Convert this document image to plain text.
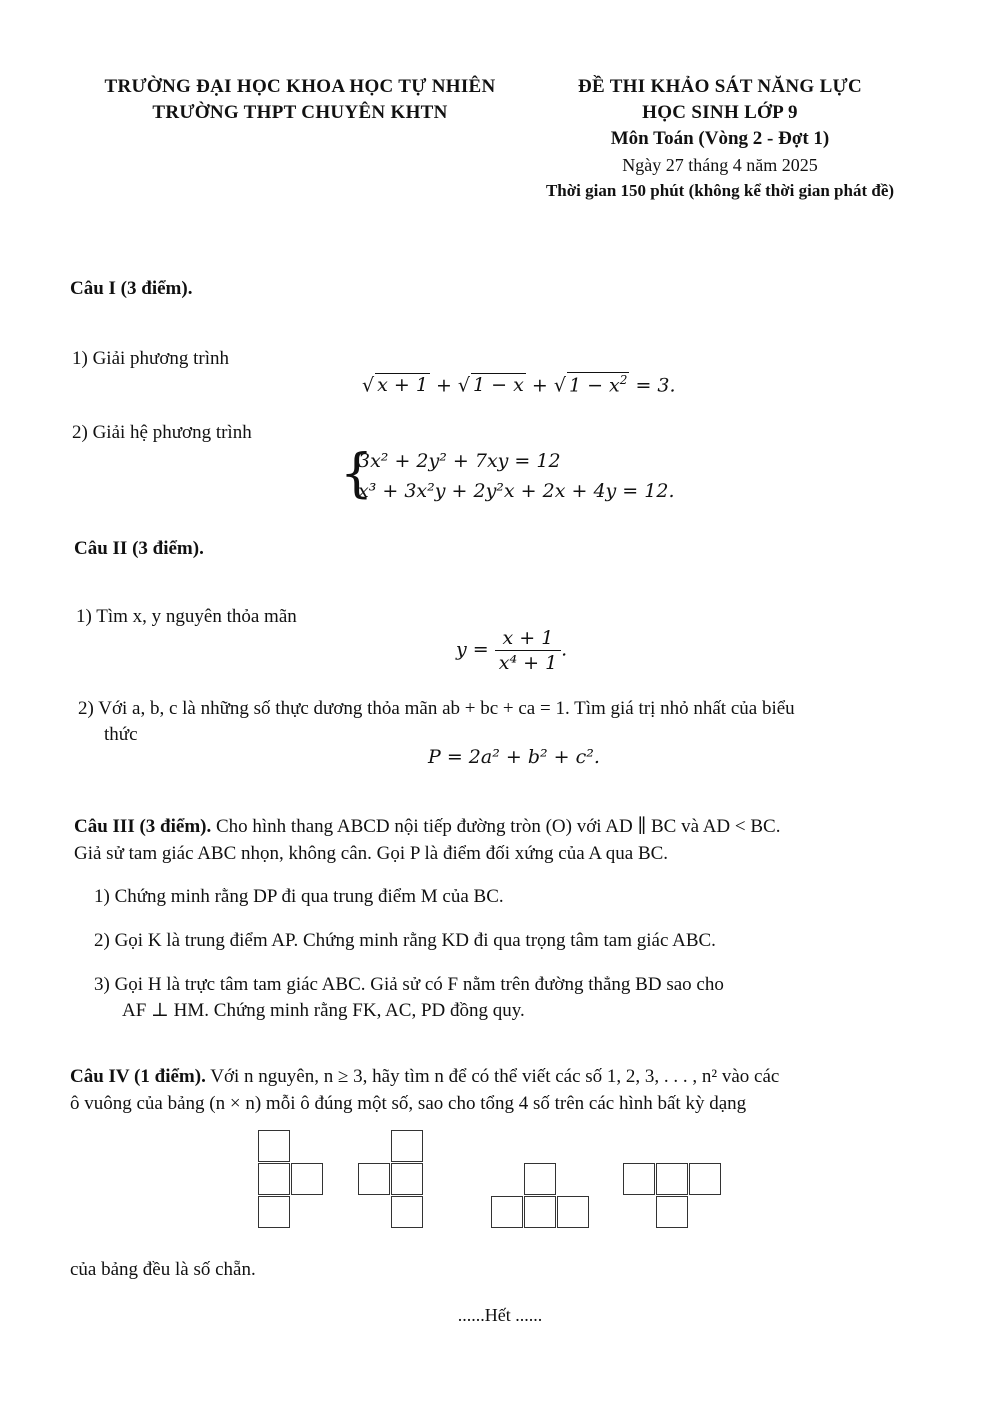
TRƯỜNG ĐẠI HỌC KHOA HỌC TỰ NHIÊN
TRƯỜNG THPT CHUYÊN KHTN
ĐỀ THI KHẢO SÁT NĂNG LỰC
HỌC SINH LỚP 9
Môn Toán (Vòng 2 - Đợt 1)
Ngày 27 tháng 4 năm 2025
Thời gian 150 phút (không kể thời gian phát đề)
Câu I (3 điểm).
1) Giải phương trình
√ x + 1 + √ 1 − x + √ $1 - x^2 = 3$.
2) Giải hệ phương trình
{
3x² + 2y² + 7xy = 12
x³ + 3x²y + 2y²x + 2x + 4y = 12.
Câu II (3 điểm).
1) Tìm x, y nguyên thỏa mãn
$y = \frac{x + 1}{\text{x⁴ + 1}}$ .
2) Với a, b, c là những số thực dương thỏa mãn ab + bc + ca = 1. Tìm giá trị nhỏ nhất của biểu
thức
P = 2a² + b² + c².
Câu III (3 điểm). Cho hình thang ABCD nội tiếp đường tròn (O) với AD ∥ BC và AD < BC.
Giả sử tam giác ABC nhọn, không cân. Gọi P là điểm đối xứng của A qua BC.
1) Chứng minh rằng DP đi qua trung điểm M của BC.
2) Gọi K là trung điểm AP. Chứng minh rằng KD đi qua trọng tâm tam giác ABC.
3) Gọi H là trực tâm tam giác ABC. Giả sử có F nằm trên đường thẳng BD sao cho
AF ⊥ HM. Chứng minh rằng FK, AC, PD đồng quy.
Câu IV (1 điểm). Với n nguyên, n ≥ 3, hãy tìm n để có thể viết các số 1, 2, 3, . . . , n² vào các
ô vuông của bảng (n × n) mỗi ô đúng một số, sao cho tổng 4 số trên các hình bất kỳ dạng
của bảng đều là số chẵn.
......Hết ......
